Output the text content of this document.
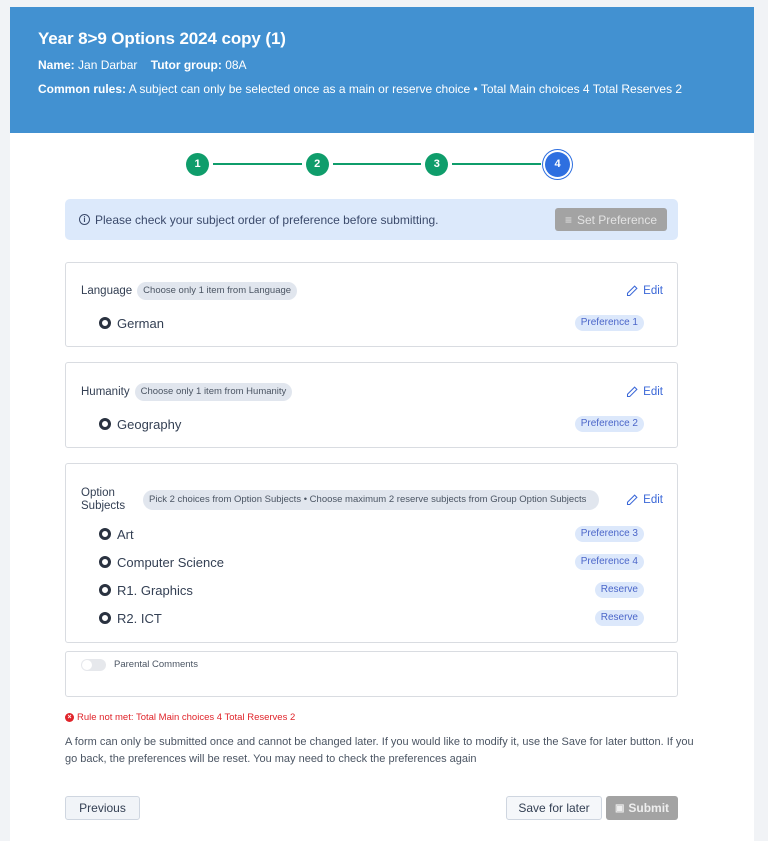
Year 8>9 Options 2024 copy (1)
Name: Jan Darbar Tutor group: 08A
Common rules: A subject can only be selected once as a main or reserve choice • Total Main choices 4 Total Reserves 2
1	2	3	4
i Please check your subject order of preference before submitting.	≡ Set Preference
Language	Choose only 1 item from Language	Edit
German	Preference 1
Humanity	Choose only 1 item from Humanity	Edit
Geography	Preference 2
Option Subjects
Pick 2 choices from Option Subjects • Choose maximum 2 reserve subjects from Group Option Subjects	Edit
Art	Preference 3
Computer Science	Preference 4
R1. Graphics	Reserve
R2. ICT	Reserve
Parental Comments
× Rule not met: Total Main choices 4 Total Reserves 2
A form can only be submitted once and cannot be changed later. If you would like to modify it, use the Save for later button. If you go back, the preferences will be reset. You may need to check the preferences again
Previous	Save for later	▣ Submit
